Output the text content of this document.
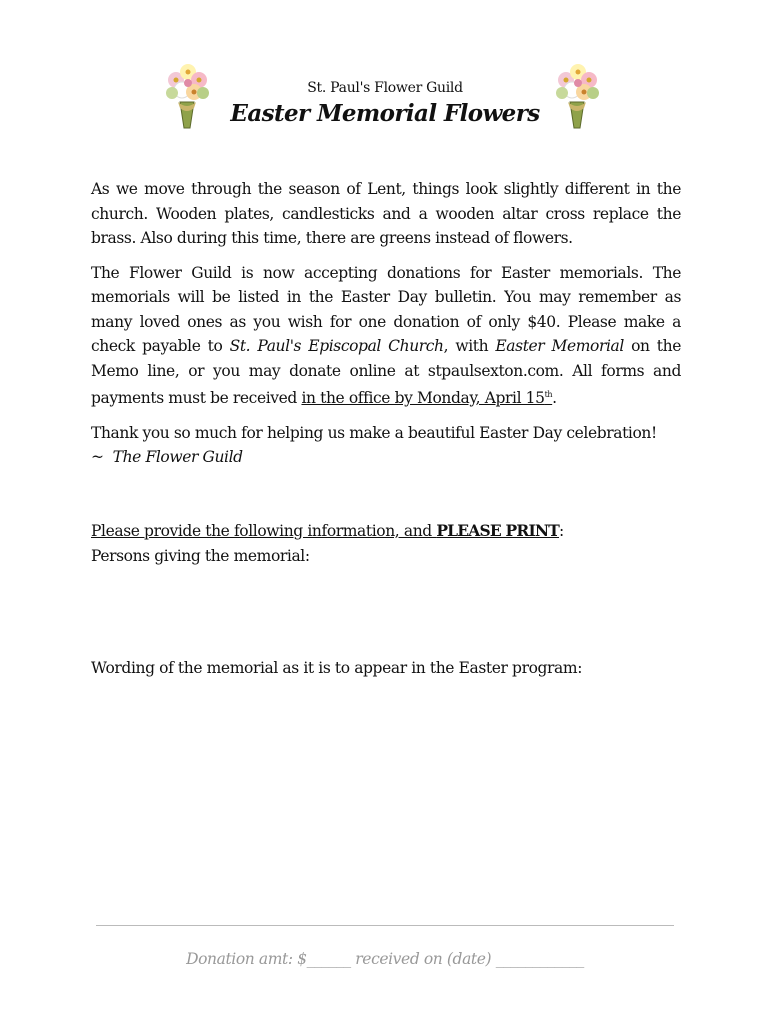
St. Paul's Flower Guild
Easter Memorial Flowers

As we move through the season of Lent, things look slightly different in the church. Wooden plates, candlesticks and a wooden altar cross replace the brass. Also during this time, there are greens instead of flowers.

The Flower Guild is now accepting donations for Easter memorials. The memorials will be listed in the Easter Day bulletin. You may remember as many loved ones as you wish for one donation of only $40. Please make a check payable to St. Paul's Episcopal Church, with Easter Memorial on the Memo line, or you may donate online at stpaulsexton.com. All forms and payments must be received in the office by Monday, April 15th.

Thank you so much for helping us make a beautiful Easter Day celebration!

~ The Flower Guild

Please provide the following information, and PLEASE PRINT:

Persons giving the memorial:

Wording of the memorial as it is to appear in the Easter program:

Donation amt: $______ received on (date) ____________
